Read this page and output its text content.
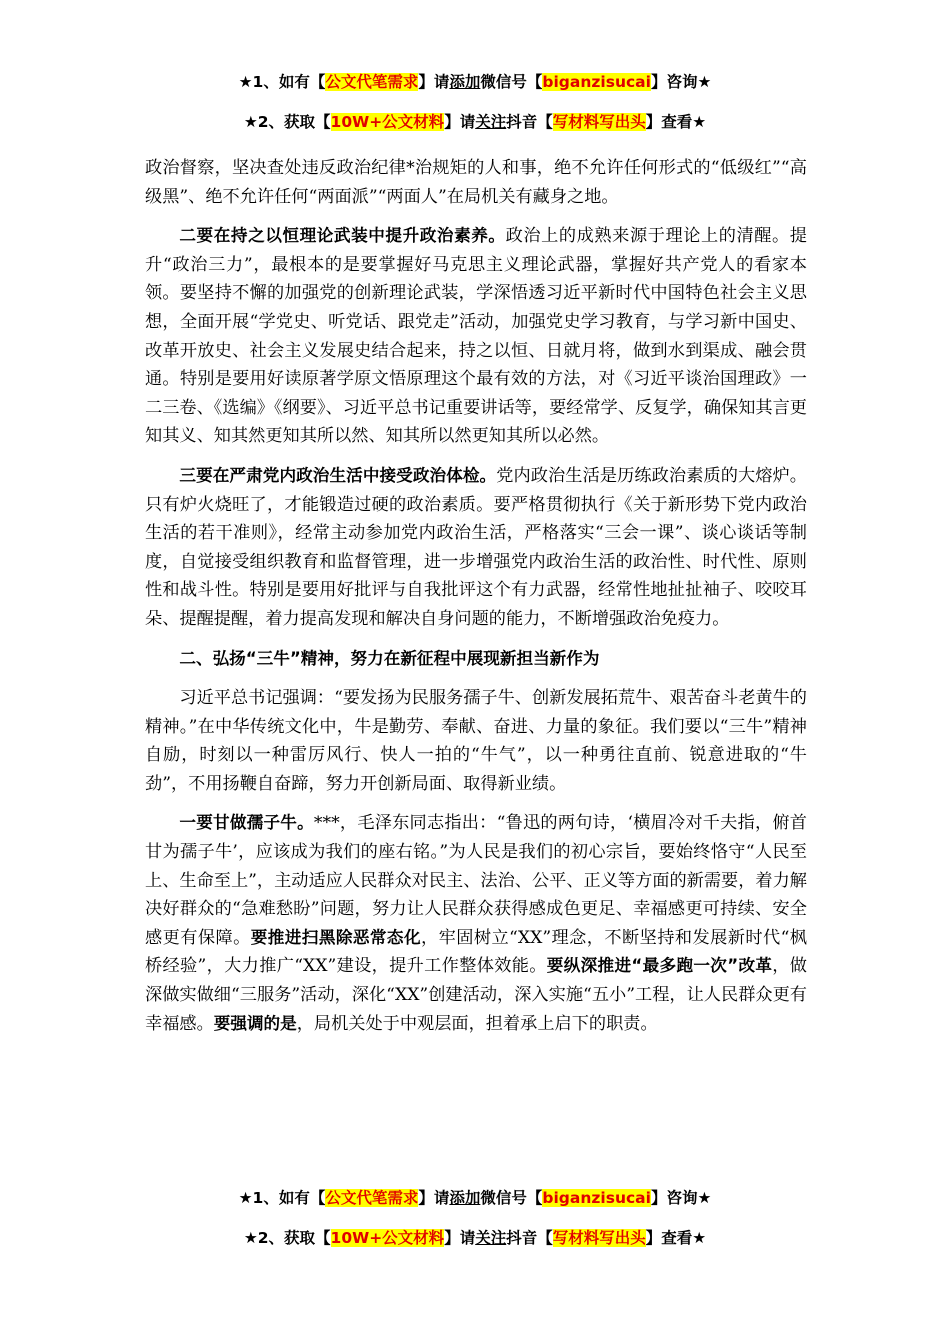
★1、如有【公文代笔需求】请添加微信号【biganzisucai】咨询★
★2、获取【10W+公文材料】请关注抖音【写材料写出头】查看★

政治督察，坚决查处违反政治纪律*治规矩的人和事，绝不允许任何形式的“低级红”“高级黑”、绝不允许任何“两面派”“两面人”在局机关有藏身之地。

二要在持之以恒理论武装中提升政治素养。政治上的成熟来源于理论上的清醒。提升“政治三力”，最根本的是要掌握好马克思主义理论武器，掌握好共产党人的看家本领。要坚持不懈的加强党的创新理论武装，学深悟透习近平新时代中国特色社会主义思想，全面开展“学党史、听党话、跟党走”活动，加强党史学习教育，与学习新中国史、改革开放史、社会主义发展史结合起来，持之以恒、日就月将，做到水到渠成、融会贯通。特别是要用好读原著学原文悟原理这个最有效的方法，对《习近平谈治国理政》一二三卷、《选编》《纲要》、习近平总书记重要讲话等，要经常学、反复学，确保知其言更知其义、知其然更知其所以然、知其所以然更知其所以必然。

三要在严肃党内政治生活中接受政治体检。党内政治生活是历练政治素质的大熔炉。只有炉火烧旺了，才能锻造过硬的政治素质。要严格贯彻执行《关于新形势下党内政治生活的若干准则》，经常主动参加党内政治生活，严格落实“三会一课”、谈心谈话等制度，自觉接受组织教育和监督管理，进一步增强党内政治生活的政治性、时代性、原则性和战斗性。特别是要用好批评与自我批评这个有力武器，经常性地扯扯袖子、咬咬耳朵、提醒提醒，着力提高发现和解决自身问题的能力，不断增强政治免疫力。

二、弘扬“三牛”精神，努力在新征程中展现新担当新作为

习近平总书记强调：“要发扬为民服务孺子牛、创新发展拓荒牛、艰苦奋斗老黄牛的精神。”在中华传统文化中，牛是勤劳、奉献、奋进、力量的象征。我们要以“三牛”精神自励，时刻以一种雷厉风行、快人一拍的“牛气”，以一种勇往直前、锐意进取的“牛劲”，不用扬鞭自奋蹄，努力开创新局面、取得新业绩。

一要甘做孺子牛。***，毛泽东同志指出：“鲁迅的两句诗，‘横眉冷对千夫指，俯首甘为孺子牛’，应该成为我们的座右铭。”为人民是我们的初心宗旨，要始终恪守“人民至上、生命至上”，主动适应人民群众对民主、法治、公平、正义等方面的新需要，着力解决好群众的“急难愁盼”问题，努力让人民群众获得感成色更足、幸福感更可持续、安全感更有保障。要推进扫黑除恶常态化，牢固树立“XX”理念，不断坚持和发展新时代“枫桥经验”，大力推广“XX”建设，提升工作整体效能。要纵深推进“最多跑一次”改革，做深做实做细“三服务”活动，深化“XX”创建活动，深入实施“五小”工程，让人民群众更有幸福感。要强调的是，局机关处于中观层面，担着承上启下的职责。

★1、如有【公文代笔需求】请添加微信号【biganzisucai】咨询★
★2、获取【10W+公文材料】请关注抖音【写材料写出头】查看★
